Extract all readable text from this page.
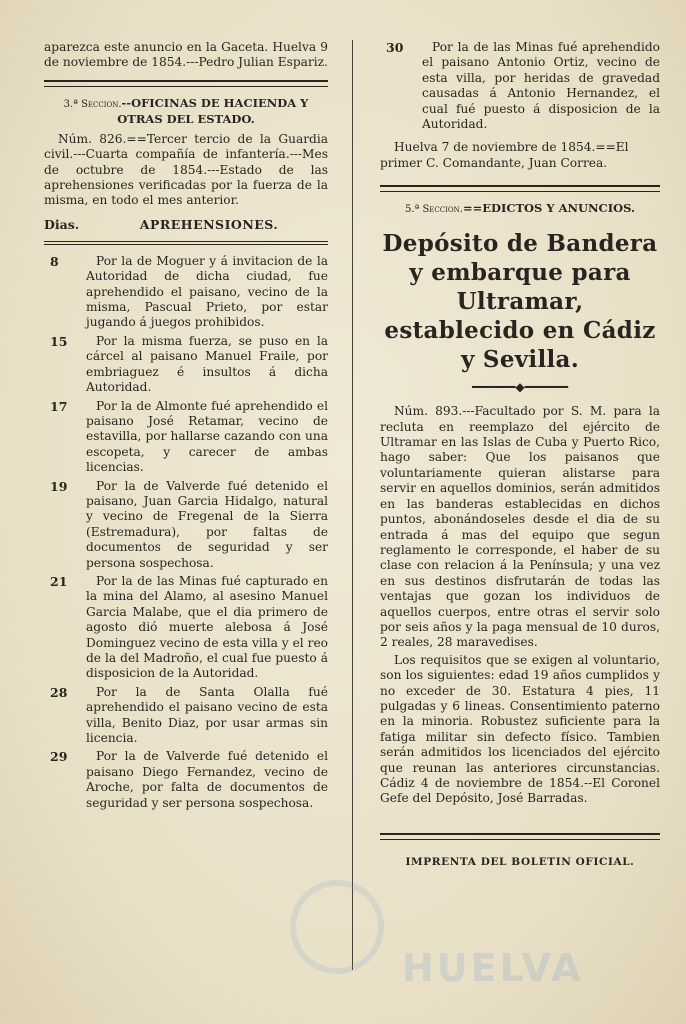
aparezca este anuncio en la Gaceta. Huelva 9 de noviembre de 1854.---Pedro Julian Espariz.

3.ª Seccion.--OFICINAS DE HACIENDA Y OTRAS DEL ESTADO.

Núm. 826.==Tercer tercio de la Guardia civil.---Cuarta compañía de infantería.---Mes de octubre de 1854.---Estado de las aprehensiones verificadas por la fuerza de la misma, en todo el mes anterior.

Dias.	APREHENSIONES.
8	Por la de Moguer y á invitacion de la Autoridad de dicha ciudad, fue aprehendido el paisano, vecino de la misma, Pascual Prieto, por estar jugando á juegos prohibidos.

15	Por la misma fuerza, se puso en la cárcel al paisano Manuel Fraile, por embriaguez é insultos á dicha Autoridad.

17	Por la de Almonte fué aprehendido el paisano José Retamar, vecino de estavilla, por hallarse cazando con una escopeta, y carecer de ambas licencias.

19	Por la de Valverde fué detenido el paisano, Juan Garcia Hidalgo, natural y vecino de Fregenal de la Sierra (Estremadura), por faltas de documentos de seguridad y ser persona sospechosa.

21	Por la de las Minas fué capturado en la mina del Alamo, al asesino Manuel Garcia Malabe, que el dia primero de agosto dió muerte alebosa á José Dominguez vecino de esta villa y el reo de la del Madroño, el cual fue puesto á disposicion de la Autoridad.

28	Por la de Santa Olalla fué aprehendido el paisano vecino de esta villa, Benito Diaz, por usar armas sin licencia.

29	Por la de Valverde fué detenido el paisano Diego Fernandez, vecino de Aroche, por falta de documentos de seguridad y ser persona sospechosa.

30	Por la de las Minas fué aprehendido el paisano Antonio Ortiz, vecino de esta villa, por heridas de gravedad causadas á Antonio Hernandez, el cual fué puesto á disposicion de la Autoridad.

Huelva 7 de noviembre de 1854.==El primer C. Comandante, Juan Correa.

5.ª Seccion.==EDICTOS Y ANUNCIOS.
Depósito de Bandera y embarque para Ultramar, establecido en Cádiz y Sevilla.
━━━━━━◆━━━━━━

Núm. 893.---Facultado por S. M. para la recluta en reemplazo del ejército de Ultramar en las Islas de Cuba y Puerto Rico, hago saber: Que los paisanos que voluntariamente quieran alistarse para servir en aquellos dominios, serán admitidos en las banderas establecidas en dichos puntos, abonándoseles desde el dia de su entrada á mas del equipo que segun reglamento le corresponde, el haber de su clase con relacion á la Península; y una vez en sus destinos disfrutarán de todas las ventajas que gozan los individuos de aquellos cuerpos, entre otras el servir solo por seis años y la paga mensual de 10 duros, 2 reales, 28 maravedises.

Los requisitos que se exigen al voluntario, son los siguientes: edad 19 años cumplidos y no exceder de 30. Estatura 4 pies, 11 pulgadas y 6 lineas. Consentimiento paterno en la minoria. Robustez suficiente para la fatiga militar sin defecto físico. Tambien serán admitidos los licenciados del ejército que reunan las anteriores circunstancias. Cádiz 4 de noviembre de 1854.--El Coronel Gefe del Depósito, José Barradas.

IMPRENTA DEL BOLETIN OFICIAL.
HUELVA
